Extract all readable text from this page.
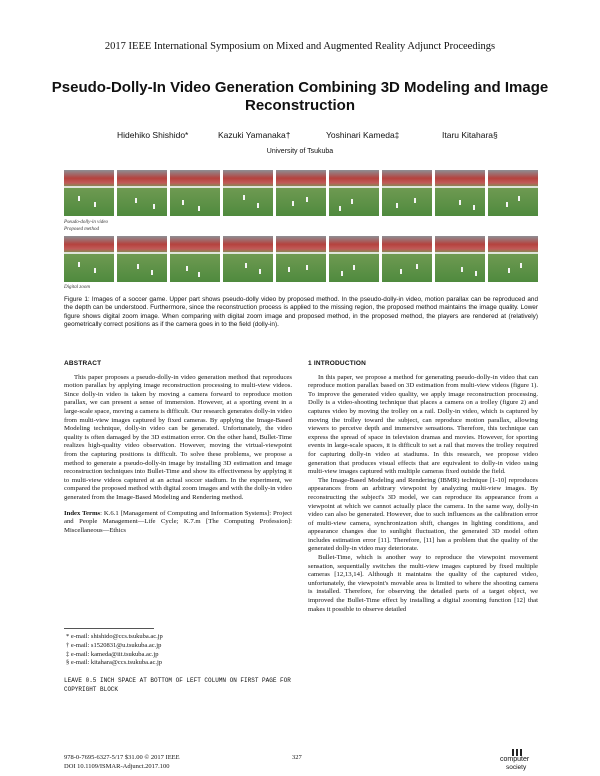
2017 IEEE International Symposium on Mixed and Augmented Reality Adjunct Proceedings
Pseudo-Dolly-In Video Generation Combining 3D Modeling and Image Reconstruction
Hidehiko Shishido*	Kazuki Yamanaka†	Yoshinari Kameda‡	Itaru Kitahara§
University of Tsukuba
Pseudo-dolly-in video
Proposed method
Digital zoom
Figure 1: Images of a soccer game. Upper part shows pseudo-dolly video by proposed method. In the pseudo-dolly-in video, motion parallax can be reproduced and the depth can be understood. Furthermore, since the reconstruction process is applied to the missing region, the proposed method maintains the image quality. Lower figure shows digital zoom image. When comparing with digital zoom image and proposed method, in the proposed method, the players are rendered at (relatively) geometrically correct positions as if the camera goes in to the field (dolly-in).
ABSTRACT

This paper proposes a pseudo-dolly-in video generation method that reproduces motion parallax by applying image reconstruction processing to multi-view videos. Since dolly-in video is taken by moving a camera forward to reproduce motion parallax, we can present a sense of immersion. However, at a sporting event in a large-scale space, moving a camera is difficult. Our research generates dolly-in video from multi-view images captured by fixed cameras. By applying the Image-Based Modeling technique, dolly-in video can be generated. Unfortunately, the video quality is often damaged by the 3D estimation error. On the other hand, Bullet-Time realizes high-quality video observation. However, moving the virtual-viewpoint from the capturing positions is difficult. To solve these problems, we propose a method to generate a pseudo-dolly-in image by installing 3D estimation and image reconstruction techniques into Bullet-Time and show its effectiveness by applying it to multi-view videos captured at an actual soccer stadium. In the experiment, we compared the proposed method with digital zoom images and with the dolly-in video generated from the Image-Based Modeling and Rendering method.

Index Terms: K.6.1 [Management of Computing and Information Systems]: Project and People Management—Life Cycle; K.7.m [The Computing Profession]: Miscellaneous—Ethics

* e-mail: shishido@ccs.tsukuba.ac.jp
† e-mail: s1520831@u.tsukuba.ac.jp
‡ e-mail: kameda@iit.tsukuba.ac.jp
§ e-mail: kitahara@ccs.tsukuba.ac.jp
LEAVE 0.5 INCH SPACE AT BOTTOM OF LEFT COLUMN ON FIRST PAGE FOR COPYRIGHT BLOCK
1 INTRODUCTION

In this paper, we propose a method for generating pseudo-dolly-in video that can reproduce motion parallax based on 3D estimation from multi-view videos (figure 1). To improve the generated video quality, we apply image reconstruction processing. Dolly is a video-shooting technique that places a camera on a trolley (figure 2) and captures video by moving the trolley on a rail. Dolly-in video, which is captured by moving the trolley toward the subject, can reproduce motion parallax, allowing viewers to perceive depth and immersive sensations. Therefore, this technique can express the spread of space in television dramas and movies. However, for sporting events in large-scale spaces, it is difficult to set a rail that moves the trolley required for capturing dolly-in video at stadiums. In this research, we propose video generation that produces visual effects that are equivalent to dolly-in video using multi-view images captured with multiple cameras fixed outside the field.

The Image-Based Modeling and Rendering (IBMR) technique [1-10] reproduces appearances from an arbitrary viewpoint by analyzing multi-view images. By reconstructing the subject's 3D model, we can reproduce its appearance from a viewpoint at which we cannot actually place the camera. In the same way, dolly-in video can also be generated. However, due to such influences as the calibration error of multi-view camera, synchronization shift, changes in lighting conditions, and appearance changes due to sunlight fluctuation, the generated 3D model often includes estimation error [11]. Therefore, [11] has a problem that the quality of the generated dolly-in video may deteriorate.

Bullet-Time, which is another way to reproduce the viewpoint movement sensation, sequentially switches the multi-view images captured by fixed multiple cameras [12,13,14]. Although it maintains the quality of the captured video, unfortunately, the viewpoint's movable area is limited to where the shooting camera is installed. Therefore, for observing the detailed parts of a target object, we improved the Bullet-Time effect by installing a digital zooming function [12] that makes it possible to observe detailed

978-0-7695-6327-5/17 $31.00 © 2017 IEEE
DOI 10.1109/ISMAR-Adjunct.2017.100
327	computer
society
